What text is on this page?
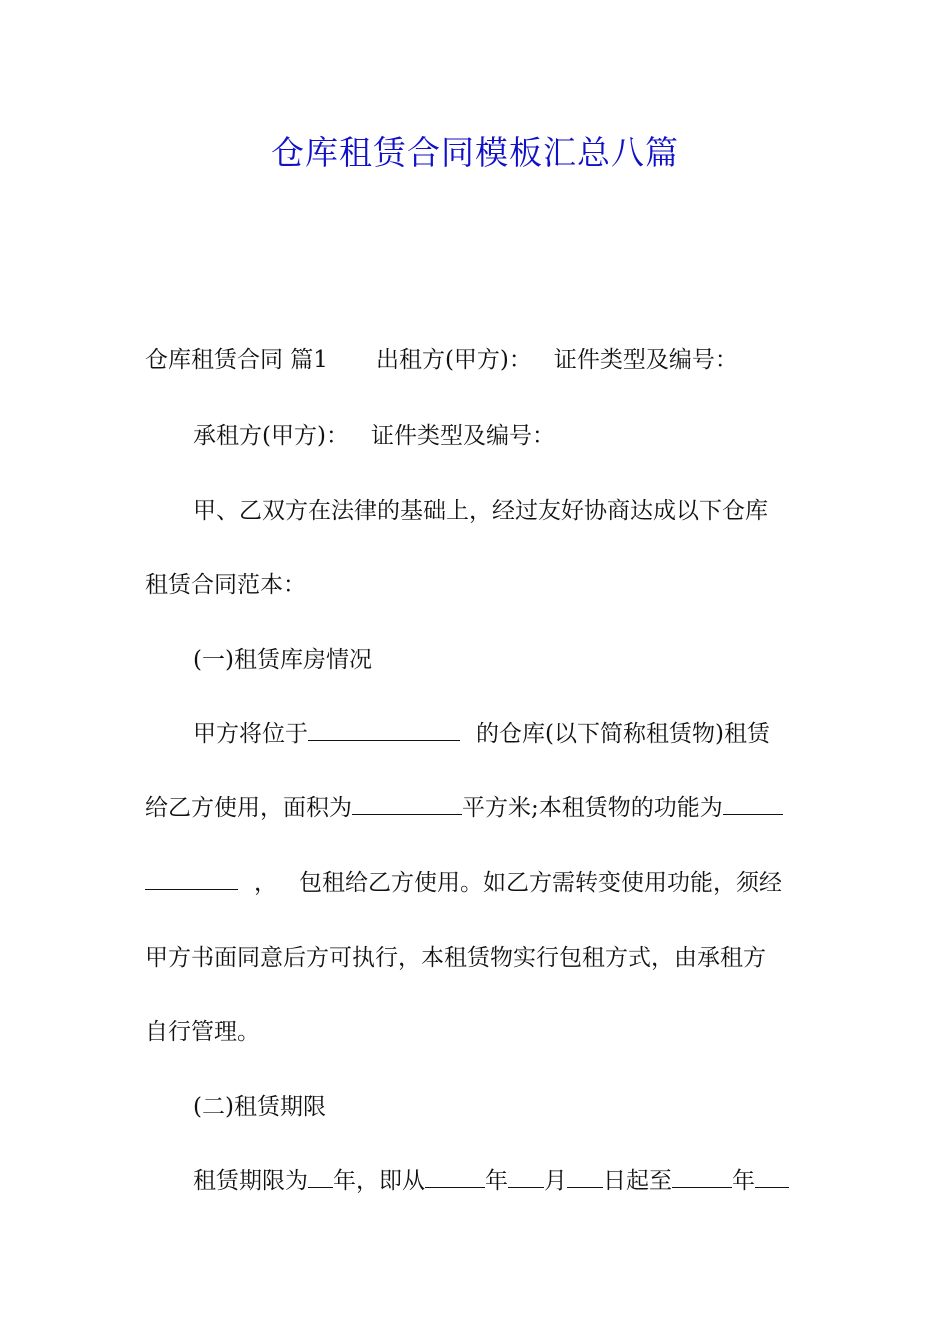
仓库租赁合同模板汇总八篇
仓库租赁合同 篇1 出租方(甲方)： 证件类型及编号：
承租方(甲方)： 证件类型及编号：
甲、乙双方在法律的基础上，经过友好协商达成以下仓库
租赁合同范本：
(一)租赁库房情况
甲方将位于	的仓库(以下简称租赁物)租赁
给乙方使用，面积为	平方米;本租赁物的功能为
， 包租给乙方使用。如乙方需转变使用功能，须经
甲方书面同意后方可执行，本租赁物实行包租方式，由承租方
自行管理。
(二)租赁期限
租赁期限为 年，即从	年 月 日起至	年
